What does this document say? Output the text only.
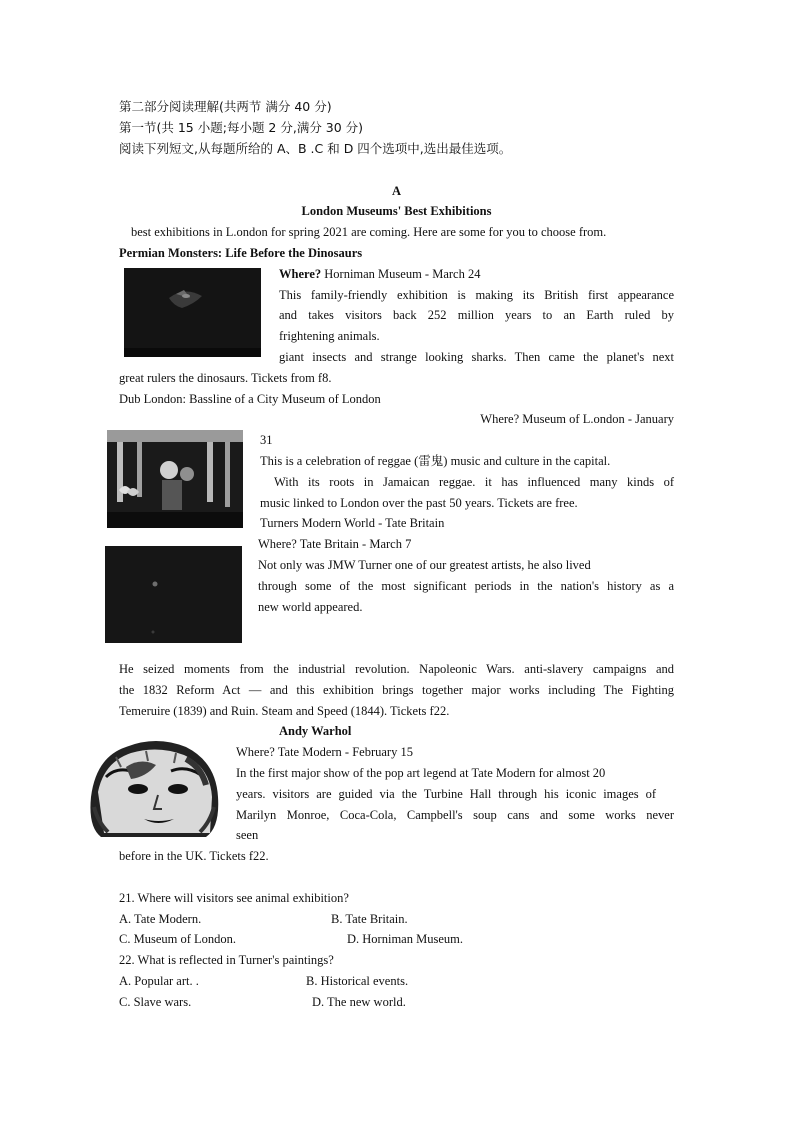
第二部分阅读理解(共两节 满分 40 分)
第一节(共 15 小题;每小题 2 分,满分 30 分)
阅读下列短文,从每题所给的 A、B .C 和 D 四个选项中,选出最佳选项。
A
London Museums' Best Exhibitions
best exhibitions in L.ondon for spring 2021 are coming. Here are some for you to choose from.
Permian Monsters: Life Before the Dinosaurs
Where? Horniman Museum - March 24
This family-friendly exhibition is making its British first appearance
and takes visitors back 252 million years to an Earth ruled by
frightening animals.
giant insects and strange looking sharks. Then came the planet's next
great rulers the dinosaurs. Tickets from f8.
Dub London: Bassline of a City Museum of London
Where? Museum of L.ondon - January
31
This is a celebration of reggae (雷鬼) music and culture in the capital.
With its roots in Jamaican reggae. it has influenced many kinds of
music linked to London over the past 50 years. Tickets are free.
Turners Modern World - Tate Britain
Where? Tate Britain - March 7
Not only was JMW Turner one of our greatest artists, he also lived
through some of the most significant periods in the nation's history as a
new world appeared.
He seized moments from the industrial revolution. Napoleonic Wars. anti-slavery campaigns and
the 1832 Reform Act — and this exhibition brings together major works including The Fighting
Temeruire (1839) and Ruin. Steam and Speed (1844). Tickets f22.
Andy Warhol
Where? Tate Modern - February 15
In the first major show of the pop art legend at Tate Modern for almost 20
years. visitors are guided via the Turbine Hall through his iconic images of
Marilyn Monroe, Coca-Cola, Campbell's soup cans and some works never
seen
before in the UK. Tickets f22.
21. Where will visitors see animal exhibition?
A. Tate Modern.	B. Tate Britain.
C. Museum of London.	D. Horniman Museum.
22. What is reflected in Turner's paintings?
A. Popular art. .	B. Historical events.
C. Slave wars.	D. The new world.
